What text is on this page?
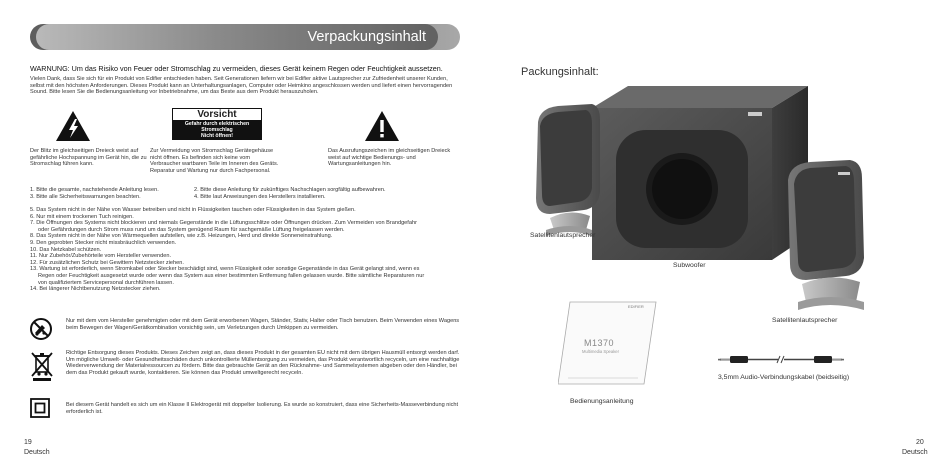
WARNUNG: Um das Risiko von Feuer oder Stromschlag zu vermeiden, dieses Gerät keinem Regen oder Feuchtigkeit aussetzen.
Vielen Dank, dass Sie sich für ein Produkt von Edifier entschieden haben. Seit Generationen liefern wir bei Edifier aktive Lautsprecher zur Zufriedenheit unserer Kunden, selbst mit den höchsten Anforderungen. Dieses Produkt kann an Unterhaltungsanlagen, Computer oder Heimkino angeschlossen werden und liefert einen hervorragenden Sound. Bitte lesen Sie die Bedienungsanleitung vor Inbetriebnahme, um das Beste aus dem Produkt herauszuholen.
Der Blitz im gleichseitigen Dreieck weist auf gefährliche Hochspannung im Gerät hin, die zu Stromschlag führen kann.
Vorsicht
Gefahr durch elektrischen
Stromschlag
Nicht öffnen!
Zur Vermeidung von Stromschlag Gerätegehäuse nicht öffnen. Es befinden sich keine vom Verbraucher wartbaren Teile im Inneren des Geräts. Reparatur und Wartung nur durch Fachpersonal.
Das Ausrufungszeichen im gleichseitigen Dreieck weist auf wichtige Bedienungs- und Wartungsanleitungen hin.
1. Bitte die gesamte, nachstehende Anleitung lesen.	2. Bitte diese Anleitung für zukünftiges Nachschlagen sorgfältig aufbewahren.
3. Bitte alle Sicherheitswarnungen beachten.	4. Bitte laut Anweisungen des Herstellers installieren.
5. Das System nicht in der Nähe von Wasser betreiben und nicht in Flüssigkeiten tauchen oder Flüssigkeiten in das System gießen.
6. Nur mit einem trockenen Tuch reinigen.
7. Die Öffnungen des Systems nicht blockieren und niemals Gegenstände in die Lüftungsschlitze oder Öffnungen drücken. Zum Vermeiden von Brandgefahr
oder Gefährdungen durch Strom muss rund um das System genügend Raum für sachgemäße Lüftung freigelassen werden.
8. Das System nicht in der Nähe von Wärmequellen aufstellen, wie z.B. Heizungen, Herd und direkte Sonneneinstrahlung.
9. Den geprobten Stecker nicht missbräuchlich verwenden.
10. Das Netzkabel schützen.
11. Nur Zubehör/Zubehörteile vom Hersteller verwenden.
12. Für zusätzlichen Schutz bei Gewittern Netzstecker ziehen.
13. Wartung ist erforderlich, wenn Stromkabel oder Stecker beschädigt sind, wenn Flüssigkeit oder sonstige Gegenstände in das Gerät gelangt sind, wenn es
Regen oder Feuchtigkeit ausgesetzt wurde oder wenn das System aus einer bestimmten Entfernung fallen gelassen wurde. Bitte sämtliche Reparaturen nur
von qualifiziertem Servicepersonal durchführen lassen.
14. Bei längerer Nichtbenutzung Netzstecker ziehen.
Nur mit dem vom Hersteller genehmigten oder mit dem Gerät erworbenen Wagen, Ständer, Stativ, Halter oder Tisch benutzen. Beim Verwenden eines Wagens beim Bewegen der Wagen/Gerätkombination vorsichtig sein, um Verletzungen durch Umkippen zu vermeiden.
Richtige Entsorgung dieses Produkts. Dieses Zeichen zeigt an, dass dieses Produkt in der gesamten EU nicht mit dem übrigen Hausmüll entsorgt werden darf. Um mögliche Umwelt- oder Gesundheitsschäden durch unkontrollierte Müllentsorgung zu vermeiden, das Produkt verantwortlich recyceln, um eine nachhaltige Wiederverwendung der Materialressourcen zu fördern. Bitte das gebrauchte Gerät an den Rücknahme- und Sammelsystemen abgeben oder den Händler, bei dem das Produkt gekauft wurde, kontaktieren. Sie können das Produkt umweltgerecht recyceln.
Bei diesem Gerät handelt es sich um ein Klasse II Elektrogerät mit doppelter Isolierung. Es wurde so konstruiert, dass eine Sicherheits-Masseverbindung nicht erforderlich ist.
19
Deutsch
Verpackungsinhalt
Packungsinhalt:
Satellitenlautsprecher
Subwoofer
Satellitenlautsprecher
EDIFIER
M1370
Multimedia Speaker
Bedienungsanleitung
3,5mm Audio-Verbindungskabel (beidseitig)
20
Deutsch
